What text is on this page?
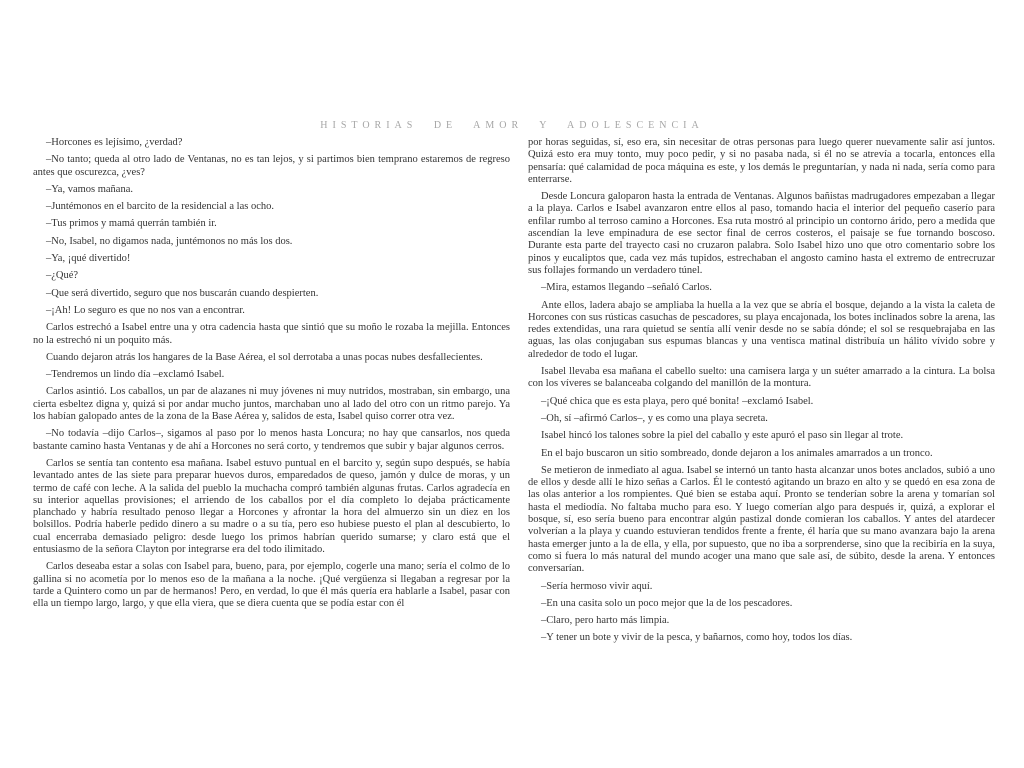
HISTORIAS DE AMOR Y ADOLESCENCIA

–Horcones es lejísimo, ¿verdad?

–No tanto; queda al otro lado de Ventanas, no es tan lejos, y si partimos bien temprano estaremos de regreso antes que oscurezca, ¿ves?

–Ya, vamos mañana.

–Juntémonos en el barcito de la residencial a las ocho.

–Tus primos y mamá querrán también ir.

–No, Isabel, no digamos nada, juntémonos no más los dos.

–Ya, ¡qué divertido!

–¿Qué?

–Que será divertido, seguro que nos buscarán cuando despierten.

–¡Ah! Lo seguro es que no nos van a encontrar.

Carlos estrechó a Isabel entre una y otra cadencia hasta que sintió que su moño le rozaba la mejilla. Entonces no la estrechó ni un poquito más.

Cuando dejaron atrás los hangares de la Base Aérea, el sol derrotaba a unas pocas nubes desfallecientes.

–Tendremos un lindo día –exclamó Isabel.

Carlos asintió. Los caballos, un par de alazanes ni muy jóvenes ni muy nutridos, mostraban, sin embargo, una cierta esbeltez digna y, quizá si por andar mucho juntos, marchaban uno al lado del otro con un ritmo parejo. Ya los habían galopado antes de la zona de la Base Aérea y, salidos de esta, Isabel quiso correr otra vez.

–No todavía –dijo Carlos–, sigamos al paso por lo menos hasta Loncura; no hay que cansarlos, nos queda bastante camino hasta Ventanas y de ahí a Horcones no será corto, y tendremos que subir y bajar algunos cerros.

Carlos se sentía tan contento esa mañana. Isabel estuvo puntual en el barcito y, según supo después, se había levantado antes de las siete para preparar huevos duros, emparedados de queso, jamón y dulce de moras, y un termo de café con leche. A la salida del pueblo la muchacha compró también algunas frutas. Carlos agradecía en su interior aquellas provisiones; el arriendo de los caballos por el día completo lo dejaba prácticamente planchado y habría resultado penoso llegar a Horcones y afrontar la hora del almuerzo sin un diez en los bolsillos. Podría haberle pedido dinero a su madre o a su tía, pero eso hubiese puesto el plan al descubierto, lo cual encerraba demasiado peligro: desde luego los primos habrían querido sumarse; y claro está que el entusiasmo de la señora Clayton por integrarse era del todo ilimitado.

Carlos deseaba estar a solas con Isabel para, bueno, para, por ejemplo, cogerle una mano; sería el colmo de lo gallina si no acometía por lo menos eso de la mañana a la noche. ¡Qué vergüenza si llegaban a regresar por la tarde a Quintero como un par de hermanos! Pero, en verdad, lo que él más quería era hablarle a Isabel, pasar con ella un tiempo largo, largo, y que ella viera, que se diera cuenta que se podía estar con él

por horas seguidas, sí, eso era, sin necesitar de otras personas para luego querer nuevamente salir así juntos. Quizá esto era muy tonto, muy poco pedir, y si no pasaba nada, si él no se atrevía a tocarla, entonces ella pensaría: qué calamidad de poca máquina es este, y los demás le preguntarían, y nada ni nada, sería como para enterrarse.

Desde Loncura galoparon hasta la entrada de Ventanas. Algunos bañistas madrugadores empezaban a llegar a la playa. Carlos e Isabel avanzaron entre ellos al paso, tomando hacia el interior del pequeño caserío para enfilar rumbo al terroso camino a Horcones. Esa ruta mostró al principio un contorno árido, pero a medida que ascendían la leve empinadura de ese sector final de cerros costeros, el paisaje se fue tornando boscoso. Durante esta parte del trayecto casi no cruzaron palabra. Solo Isabel hizo uno que otro comentario sobre los pinos y eucaliptos que, cada vez más tupidos, estrechaban el angosto camino hasta el extremo de entrecruzar sus follajes formando un verdadero túnel.

–Mira, estamos llegando –señaló Carlos.

Ante ellos, ladera abajo se ampliaba la huella a la vez que se abría el bosque, dejando a la vista la caleta de Horcones con sus rústicas casuchas de pescadores, su playa encajonada, los botes inclinados sobre la arena, las redes extendidas, una rara quietud se sentía allí venir desde no se sabía dónde; el sol se resquebrajaba en las aguas, las olas conjugaban sus espumas blancas y una ventisca matinal distribuía un hálito vívido sobre y alrededor de todo el lugar.

Isabel llevaba esa mañana el cabello suelto: una camisera larga y un suéter amarrado a la cintura. La bolsa con los víveres se balanceaba colgando del manillón de la montura.

–¡Qué chica que es esta playa, pero qué bonita! –exclamó Isabel.

–Oh, sí –afirmó Carlos–, y es como una playa secreta.

Isabel hincó los talones sobre la piel del caballo y este apuró el paso sin llegar al trote.

En el bajo buscaron un sitio sombreado, donde dejaron a los animales amarrados a un tronco.

Se metieron de inmediato al agua. Isabel se internó un tanto hasta alcanzar unos botes anclados, subió a uno de ellos y desde allí le hizo señas a Carlos. Él le contestó agitando un brazo en alto y se quedó en esa zona de las olas anterior a los rompientes. Qué bien se estaba aquí. Pronto se tenderían sobre la arena y tomarían sol hasta el mediodía. No faltaba mucho para eso. Y luego comerían algo para después ir, quizá, a explorar el bosque, sí, eso sería bueno para encontrar algún pastizal donde comieran los caballos. Y antes del atardecer volverían a la playa y cuando estuvieran tendidos frente a frente, él haría que su mano avanzara bajo la arena hasta emerger junto a la de ella, y ella, por supuesto, que no iba a sorprenderse, sino que la recibiría en la suya, como si fuera lo más natural del mundo acoger una mano que sale así, de súbito, desde la arena. Y entonces conversarían.

–Sería hermoso vivir aquí.

–En una casita solo un poco mejor que la de los pescadores.

–Claro, pero harto más limpia.

–Y tener un bote y vivir de la pesca, y bañarnos, como hoy, todos los días.
